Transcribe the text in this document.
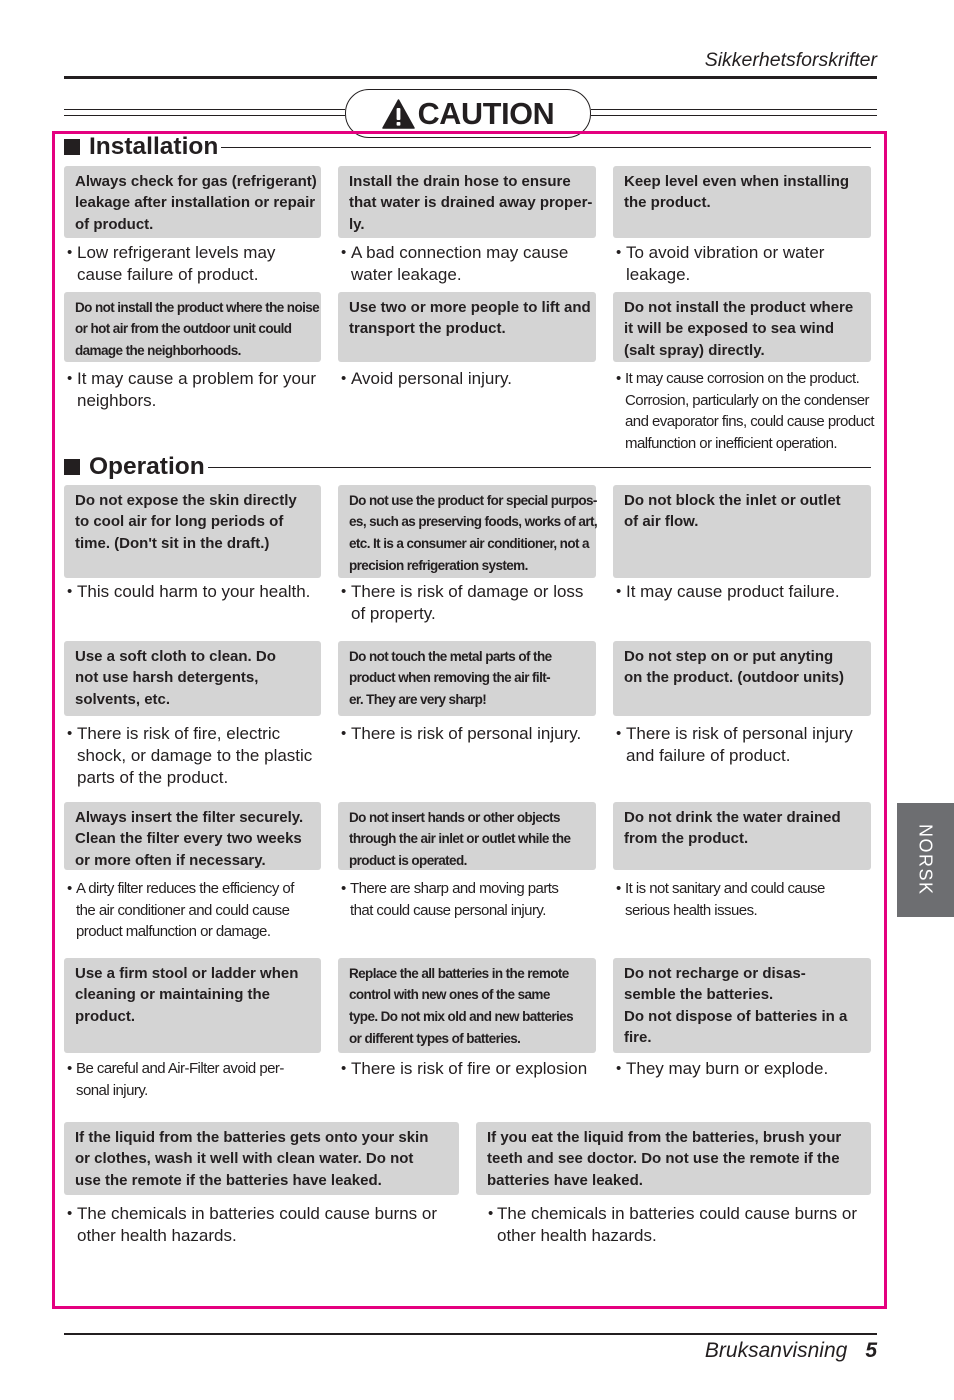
Sikkerhetsforskrifter
CAUTION
Installation
Always check for gas (refrigerant)
leakage after installation or repair
of product.
• Low refrigerant levels may
cause failure of product.
Install the drain hose to ensure
that water is drained away proper-
ly.
• A bad connection may cause
water leakage.
Keep level even when installing
the product.
• To avoid vibration or water
leakage.
Do not install the product where the noise
or hot air from the outdoor unit could
damage the neighborhoods.
• It may cause a problem for your
neighbors.
Use two or more people to lift and
transport the product.
• Avoid personal injury.
Do not install the product where
it will be exposed to sea wind
(salt spray) directly.
• It may cause corrosion on the product.
Corrosion, particularly on the condenser
and evaporator fins, could cause product
malfunction or inefficient operation.
Operation
Do not expose the skin directly
to cool air for long periods of
time. (Don't sit in the draft.)
• This could harm to your health.
Do not use the product for special purpos-
es, such as preserving foods, works of art,
etc. It is a consumer air conditioner, not a
precision refrigeration system.
• There is risk of damage or loss
of property.
Do not block the inlet or outlet
of air flow.
• It may cause product failure.
Use a soft cloth to clean. Do
not use harsh detergents,
solvents, etc.
• There is risk of fire, electric
shock, or damage to the plastic
parts of the product.
Do not touch the metal parts of the
product when removing the air filt-
er. They are very sharp!
• There is risk of personal injury.
Do not step on or put anyting
on the product. (outdoor units)
• There is risk of personal injury
and failure of product.
Always insert the filter securely.
Clean the filter every two weeks
or more often if necessary.
• A dirty filter reduces the efficiency of
the air conditioner and could cause
product malfunction or damage.
Do not insert hands or other objects
through the air inlet or outlet while the
product is operated.
• There are sharp and moving parts
that could cause personal injury.
Do not drink the water drained
from the product.
• It is not sanitary and could cause
serious health issues.
Use a firm stool or ladder when
cleaning or maintaining the
product.
• Be careful and Air-Filter avoid per-
sonal injury.
Replace the all batteries in the remote
control with new ones of the same
type. Do not mix old and new batteries
or different types of batteries.
• There is risk of fire or explosion
Do not recharge or disas-
semble the batteries.
Do not dispose of batteries in a
fire.
• They may burn or explode.
If the liquid from the batteries gets onto your skin
or clothes, wash it well with clean water. Do not
use the remote if the batteries have leaked.
• The chemicals in batteries could cause burns or
other health hazards.
If you eat the liquid from the batteries, brush your
teeth and see doctor. Do not use the remote if the
batteries have leaked.
• The chemicals in batteries could cause burns or
other health hazards.
NORSK
Bruksanvisning 5
